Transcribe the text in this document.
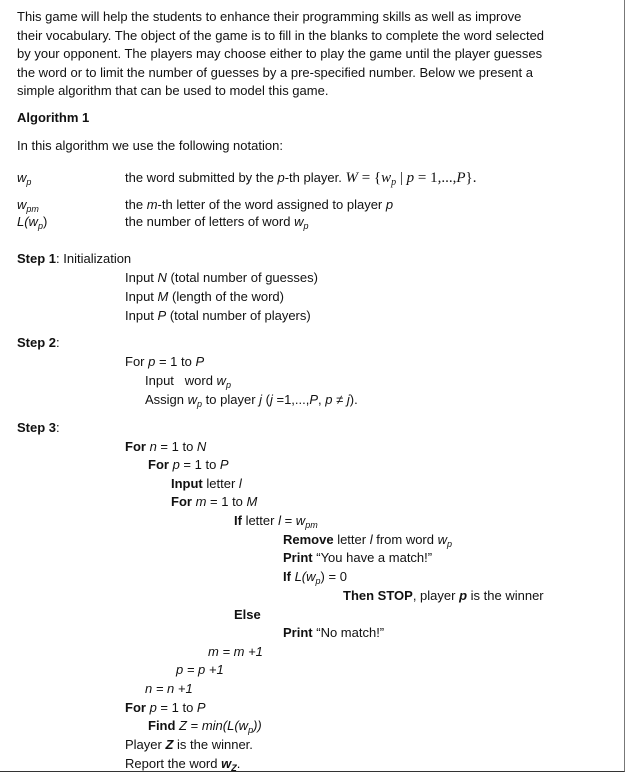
This game will help the students to enhance their programming skills as well as improve
their vocabulary. The object of the game is to fill in the blanks to complete the word selected
by your opponent. The players may choose either to play the game until the player guesses
the word or to limit the number of guesses by a pre-specified number. Below we present a
simple algorithm that can be used to model this game.
Algorithm 1
In this algorithm we use the following notation:
$w_p$	the word submitted by the p-th player. $W = \{w_p$ | p = 1,...,P}.
$w_{pm}$	the m-th letter of the word assigned to player p
$L(w_p)$	the number of letters of word $w_p$
Step 1: Initialization
Input N (total number of guesses)
Input M (length of the word)
Input P (total number of players)
Step 2:
For p = 1 to P
Input   word $w_p$
Assign $w_p$ to player j (j =1,...,P, p ≠ j).
Step 3:
For n = 1 to N
For p = 1 to P
Input letter l
For m = 1 to M
If letter $l = w_{pm}$
Remove letter l from word $w_p$
Print “You have a match!”
If $L(w_p) = 0$
Then STOP, player p is the winner
Else
Print “No match!”
m = m +1
p = p +1
n = n +1
For p = 1 to P
Find $Z = \min(L(w_p))$
Player Z is the winner.
Report the word $w_Z$.
